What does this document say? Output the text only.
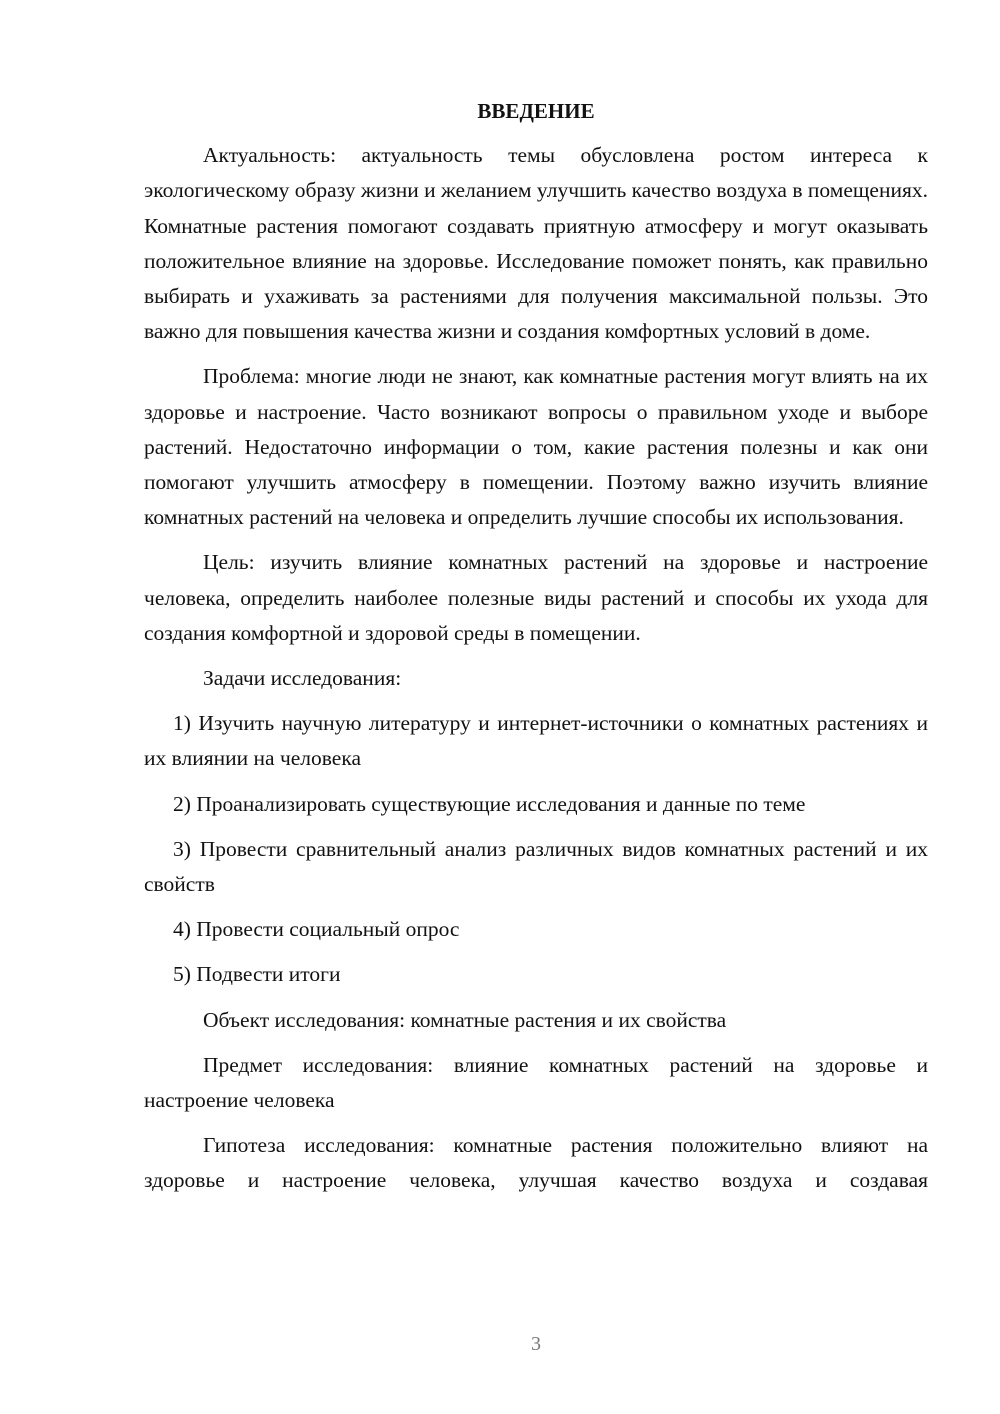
ВВЕДЕНИЕ

Актуальность: актуальность темы обусловлена ростом интереса к экологическому образу жизни и желанием улучшить качество воздуха в помещениях. Комнатные растения помогают создавать приятную атмосферу и могут оказывать положительное влияние на здоровье. Исследование поможет понять, как правильно выбирать и ухаживать за растениями для получения максимальной пользы. Это важно для повышения качества жизни и создания комфортных условий в доме.

Проблема: многие люди не знают, как комнатные растения могут влиять на их здоровье и настроение. Часто возникают вопросы о правильном уходе и выборе растений. Недостаточно информации о том, какие растения полезны и как они помогают улучшить атмосферу в помещении. Поэтому важно изучить влияние комнатных растений на человека и определить лучшие способы их использования.

Цель: изучить влияние комнатных растений на здоровье и настроение человека, определить наиболее полезные виды растений и способы их ухода для создания комфортной и здоровой среды в помещении.

Задачи исследования:

1) Изучить научную литературу и интернет-источники о комнатных растениях и их влиянии на человека

2) Проанализировать существующие исследования и данные по теме

3) Провести сравнительный анализ различных видов комнатных растений и их свойств

4) Провести социальный опрос

5) Подвести итоги

Объект исследования: комнатные растения и их свойства

Предмет исследования: влияние комнатных растений на здоровье и настроение человека

Гипотеза исследования: комнатные растения положительно влияют на здоровье и настроение человека, улучшая качество воздуха и создавая

3
